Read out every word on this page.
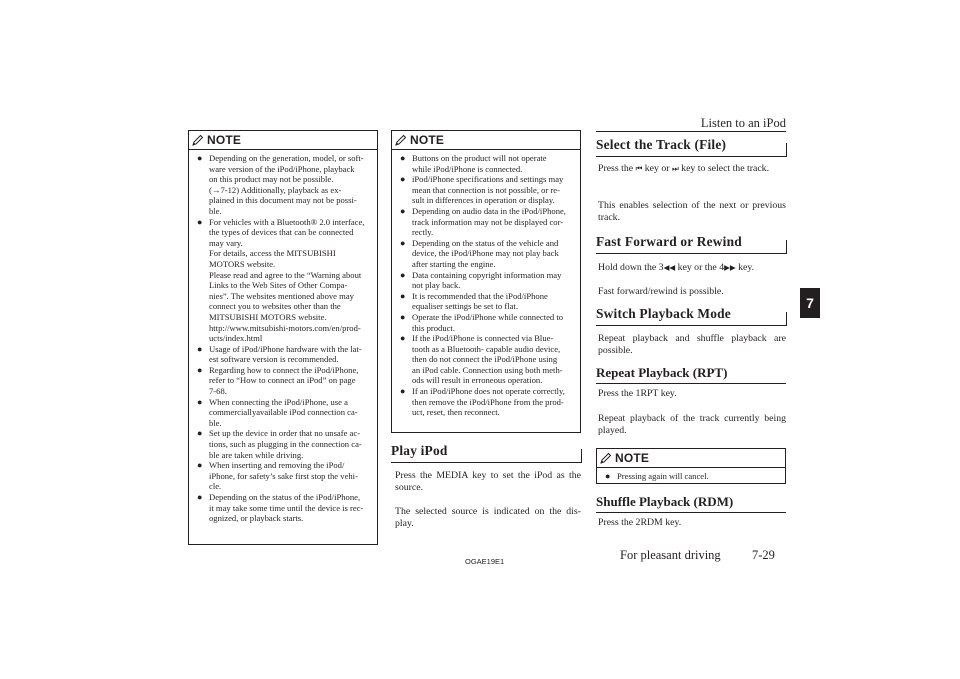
Listen to an iPod
7
NOTE
● Depending on the generation, model, or soft-
ware version of the iPod/iPhone, playback
on this product may not be possible.
(→7-12) Additionally, playback as ex-
plained in this document may not be possi-
ble.
● For vehicles with a Bluetooth® 2.0 interface,
the types of devices that can be connected
may vary.
For details, access the MITSUBISHI
MOTORS website.
Please read and agree to the “Warning about
Links to the Web Sites of Other Compa-
nies”. The websites mentioned above may
connect you to websites other than the
MITSUBISHI MOTORS website.
http://www.mitsubishi-motors.com/en/prod-
ucts/index.html
● Usage of iPod/iPhone hardware with the lat-
est software version is recommended.
● Regarding how to connect the iPod/iPhone,
refer to “How to connect an iPod” on page
7-68.
● When connecting the iPod/iPhone, use a
commerciallyavailable iPod connection ca-
ble.
● Set up the device in order that no unsafe ac-
tions, such as plugging in the connection ca-
ble are taken while driving.
● When inserting and removing the iPod/
iPhone, for safety’s sake first stop the vehi-
cle.
● Depending on the status of the iPod/iPhone,
it may take some time until the device is rec-
ognized, or playback starts.
NOTE
● Buttons on the product will not operate
while iPod/iPhone is connected.
● iPod/iPhone specifications and settings may
mean that connection is not possible, or re-
sult in differences in operation or display.
● Depending on audio data in the iPod/iPhone,
track information may not be displayed cor-
rectly.
● Depending on the status of the vehicle and
device, the iPod/iPhone may not play back
after starting the engine.
● Data containing copyright information may
not play back.
● It is recommended that the iPod/iPhone
equaliser settings be set to flat.
● Operate the iPod/iPhone while connected to
this product.
● If the iPod/iPhone is connected via Blue-
tooth as a Bluetooth- capable audio device,
then do not connect the iPod/iPhone using
an iPod cable. Connection using both meth-
ods will result in erroneous operation.
● If an iPod/iPhone does not operate correctly,
then remove the iPod/iPhone from the prod-
uct, reset, then reconnect.
Play iPod
Press the MEDIA key to set the iPod as the source.
The selected source is indicated on the dis-play.
Select the Track (File)
Press the ⏮ key or ⏭ key to select the track.
This enables selection of the next or previous track.
Fast Forward or Rewind
Hold down the 3◀◀ key or the 4▶▶ key.
Fast forward/rewind is possible.
Switch Playback Mode
Repeat playback and shuffle playback are possible.
Repeat Playback (RPT)
Press the 1RPT key.
Repeat playback of the track currently being played.
NOTE
● Pressing again will cancel.
Shuffle Playback (RDM)
Press the 2RDM key.
OGAE19E1	For pleasant driving	7-29
